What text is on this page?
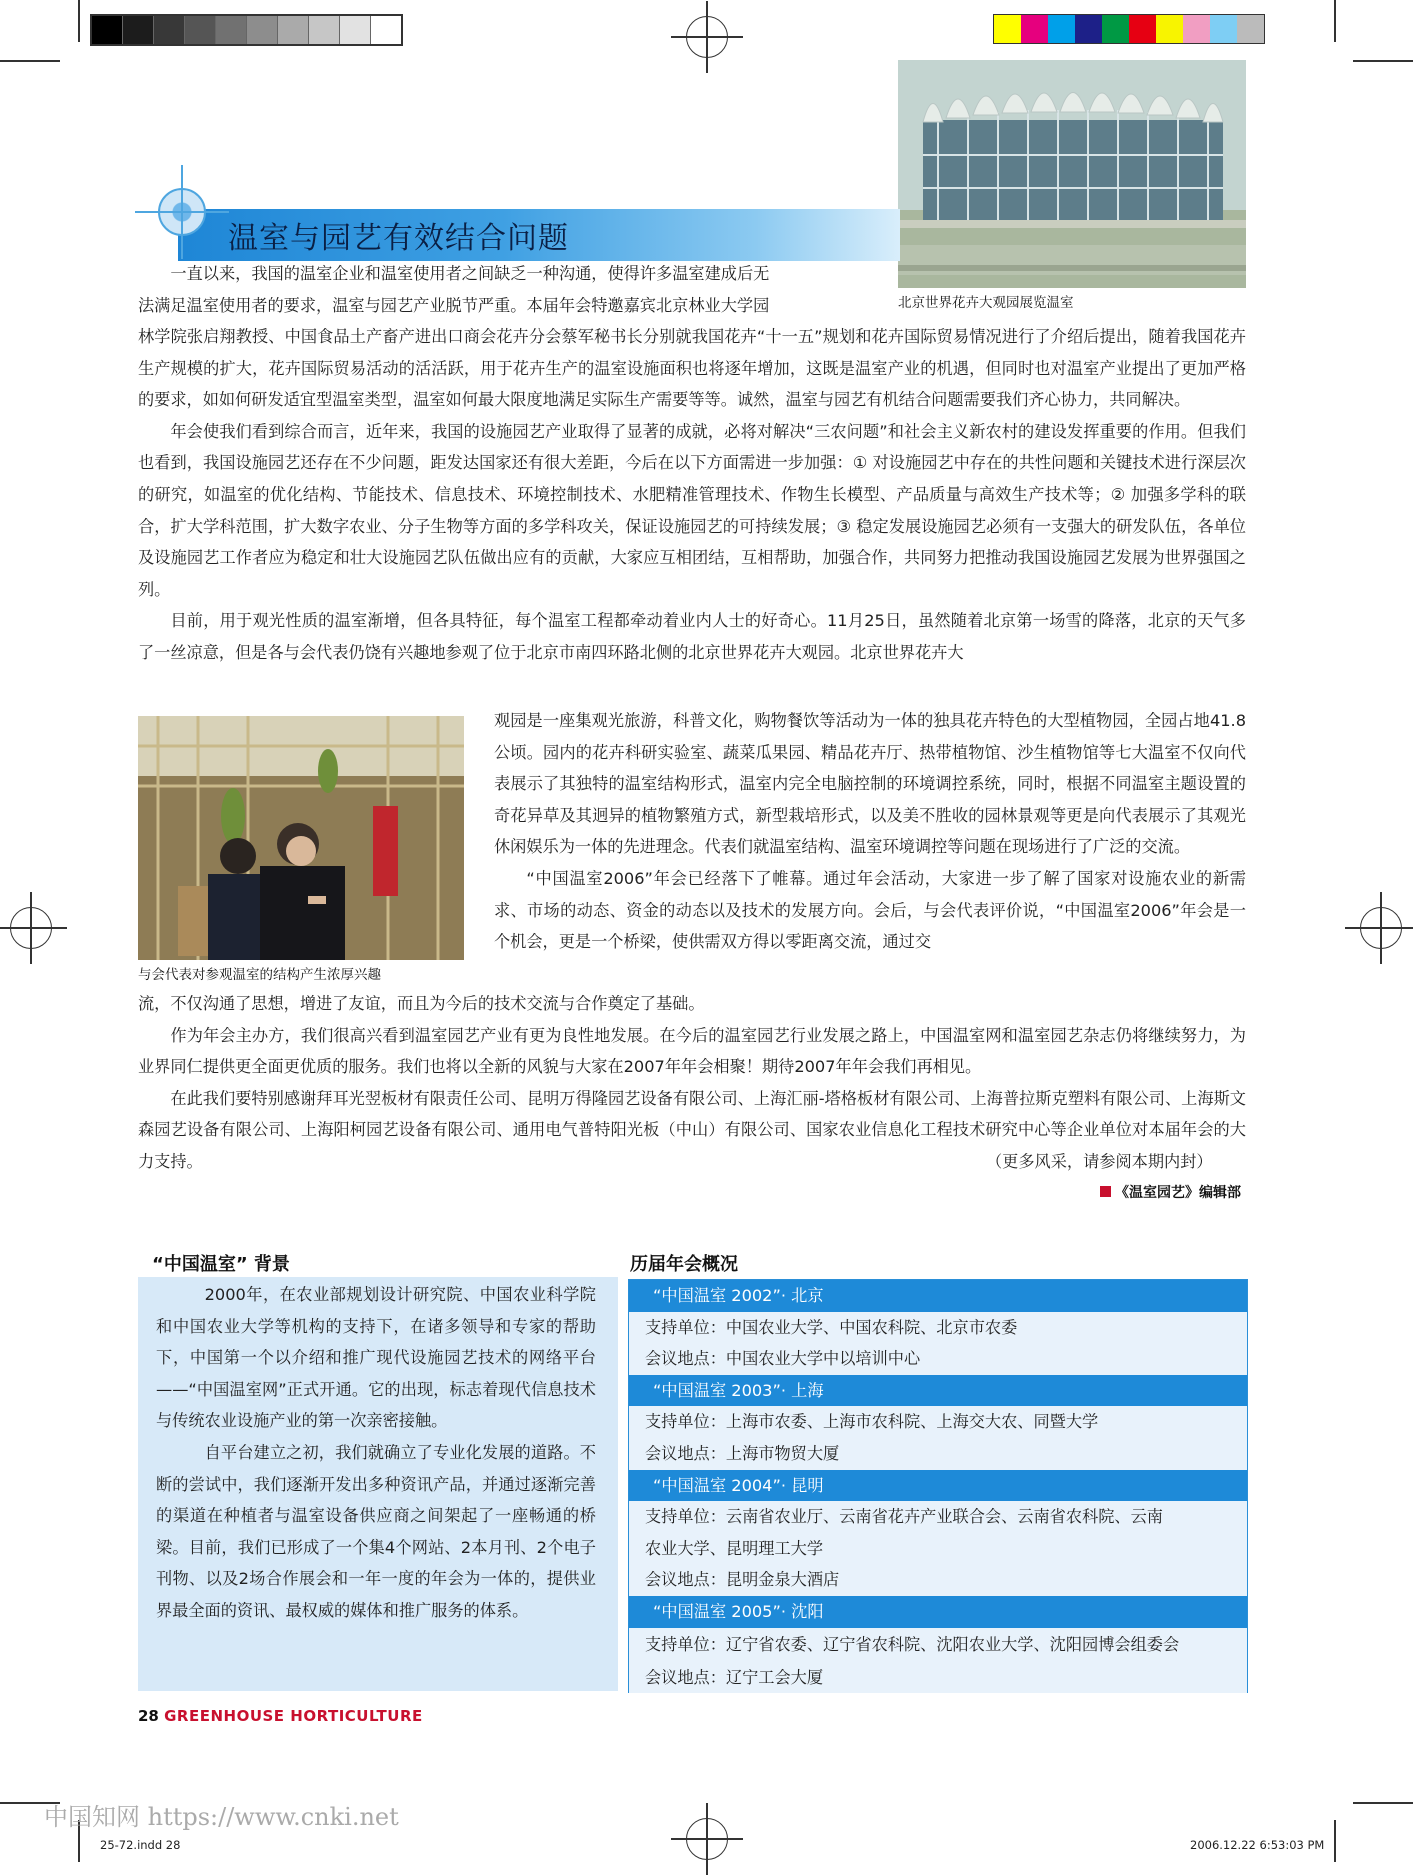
北京世界花卉大观园展览温室
温室与园艺有效结合问题

一直以来，我国的温室企业和温室使用者之间缺乏一种沟通，使得许多温室建成后无

法满足温室使用者的要求，温室与园艺产业脱节严重。本届年会特邀嘉宾北京林业大学园

林学院张启翔教授、中国食品土产畜产进出口商会花卉分会蔡军秘书长分别就我国花卉“十一五”规划和花卉国际贸易情况进行了介绍后提出，随着我国花卉生产规模的扩大，花卉国际贸易活动的活活跃，用于花卉生产的温室设施面积也将逐年增加，这既是温室产业的机遇，但同时也对温室产业提出了更加严格的要求，如如何研发适宜型温室类型，温室如何最大限度地满足实际生产需要等等。诚然，温室与园艺有机结合问题需要我们齐心协力，共同解决。

年会使我们看到综合而言，近年来，我国的设施园艺产业取得了显著的成就，必将对解决“三农问题”和社会主义新农村的建设发挥重要的作用。但我们也看到，我国设施园艺还存在不少问题，距发达国家还有很大差距，今后在以下方面需进一步加强：① 对设施园艺中存在的共性问题和关键技术进行深层次的研究，如温室的优化结构、节能技术、信息技术、环境控制技术、水肥精准管理技术、作物生长模型、产品质量与高效生产技术等；② 加强多学科的联合，扩大学科范围，扩大数字农业、分子生物等方面的多学科攻关，保证设施园艺的可持续发展；③ 稳定发展设施园艺必须有一支强大的研发队伍，各单位及设施园艺工作者应为稳定和壮大设施园艺队伍做出应有的贡献，大家应互相团结，互相帮助，加强合作，共同努力把推动我国设施园艺发展为世界强国之列。

目前，用于观光性质的温室渐增，但各具特征，每个温室工程都牵动着业内人士的好奇心。11月25日，虽然随着北京第一场雪的降落，北京的天气多了一丝凉意，但是各与会代表仍饶有兴趣地参观了位于北京市南四环路北侧的北京世界花卉大观园。北京世界花卉大

与会代表对参观温室的结构产生浓厚兴趣

观园是一座集观光旅游，科普文化，购物餐饮等活动为一体的独具花卉特色的大型植物园，全园占地41.8公顷。园内的花卉科研实验室、蔬菜瓜果园、精品花卉厅、热带植物馆、沙生植物馆等七大温室不仅向代表展示了其独特的温室结构形式，温室内完全电脑控制的环境调控系统，同时，根据不同温室主题设置的奇花异草及其迥异的植物繁殖方式，新型栽培形式，以及美不胜收的园林景观等更是向代表展示了其观光休闲娱乐为一体的先进理念。代表们就温室结构、温室环境调控等问题在现场进行了广泛的交流。

“中国温室2006”年会已经落下了帷幕。通过年会活动，大家进一步了解了国家对设施农业的新需求、市场的动态、资金的动态以及技术的发展方向。会后，与会代表评价说，“中国温室2006”年会是一个机会，更是一个桥梁，使供需双方得以零距离交流，通过交

流，不仅沟通了思想，增进了友谊，而且为今后的技术交流与合作奠定了基础。

作为年会主办方，我们很高兴看到温室园艺产业有更为良性地发展。在今后的温室园艺行业发展之路上，中国温室网和温室园艺杂志仍将继续努力，为业界同仁提供更全面更优质的服务。我们也将以全新的风貌与大家在2007年年会相聚！期待2007年年会我们再相见。

在此我们要特别感谢拜耳光翌板材有限责任公司、昆明万得隆园艺设备有限公司、上海汇丽-塔格板材有限公司、上海普拉斯克塑料有限公司、上海斯文森园艺设备有限公司、上海阳柯园艺设备有限公司、通用电气普特阳光板（中山）有限公司、国家农业信息化工程技术研究中心等企业单位对本届年会的大力支持。	（更多风采，请参阅本期内封）
《温室园艺》编辑部
“中国温室” 背景

2000年，在农业部规划设计研究院、中国农业科学院和中国农业大学等机构的支持下，在诸多领导和专家的帮助下，中国第一个以介绍和推广现代设施园艺技术的网络平台——“中国温室网”正式开通。它的出现，标志着现代信息技术与传统农业设施产业的第一次亲密接触。

自平台建立之初，我们就确立了专业化发展的道路。不断的尝试中，我们逐渐开发出多种资讯产品，并通过逐渐完善的渠道在种植者与温室设备供应商之间架起了一座畅通的桥梁。目前，我们已形成了一个集4个网站、2本月刊、2个电子刊物、以及2场合作展会和一年一度的年会为一体的，提供业界最全面的资讯、最权威的媒体和推广服务的体系。

历届年会概况
“中国温室 2002”· 北京
支持单位：中国农业大学、中国农科院、北京市农委
会议地点：中国农业大学中以培训中心
“中国温室 2003”· 上海
支持单位：上海市农委、上海市农科院、上海交大农、同暨大学
会议地点：上海市物贸大厦
“中国温室 2004”· 昆明
支持单位：云南省农业厅、云南省花卉产业联合会、云南省农科院、云南
农业大学、昆明理工大学
会议地点：昆明金泉大酒店
“中国温室 2005”· 沈阳
支持单位：辽宁省农委、辽宁省农科院、沈阳农业大学、沈阳园博会组委会
会议地点：辽宁工会大厦
28 GREENHOUSE HORTICULTURE
中国知网 https://www.cnki.net
25-72.indd 28	2006.12.22 6:53:03 PM
